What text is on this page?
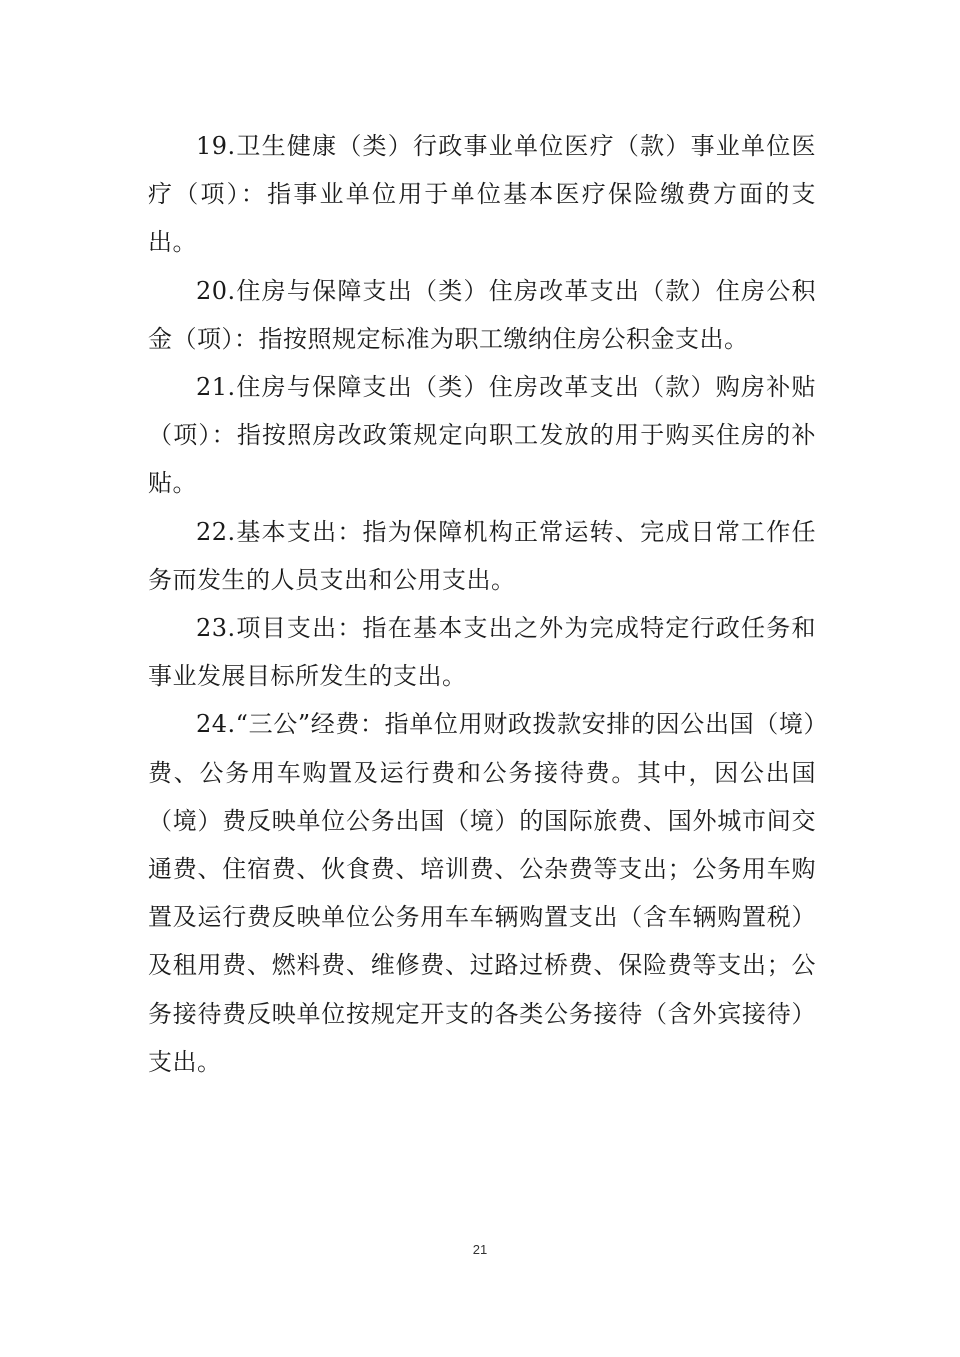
19.卫生健康（类）行政事业单位医疗（款）事业单位医疗（项）：指事业单位用于单位基本医疗保险缴费方面的支出。

20.住房与保障支出（类）住房改革支出（款）住房公积金（项）：指按照规定标准为职工缴纳住房公积金支出。

21.住房与保障支出（类）住房改革支出（款）购房补贴（项）：指按照房改政策规定向职工发放的用于购买住房的补贴。

22.基本支出：指为保障机构正常运转、完成日常工作任务而发生的人员支出和公用支出。

23.项目支出：指在基本支出之外为完成特定行政任务和事业发展目标所发生的支出。

24.“三公”经费：指单位用财政拨款安排的因公出国（境）费、公务用车购置及运行费和公务接待费。其中，因公出国（境）费反映单位公务出国（境）的国际旅费、国外城市间交通费、住宿费、伙食费、培训费、公杂费等支出；公务用车购置及运行费反映单位公务用车车辆购置支出（含车辆购置税）及租用费、燃料费、维修费、过路过桥费、保险费等支出；公务接待费反映单位按规定开支的各类公务接待（含外宾接待）支出。

21
